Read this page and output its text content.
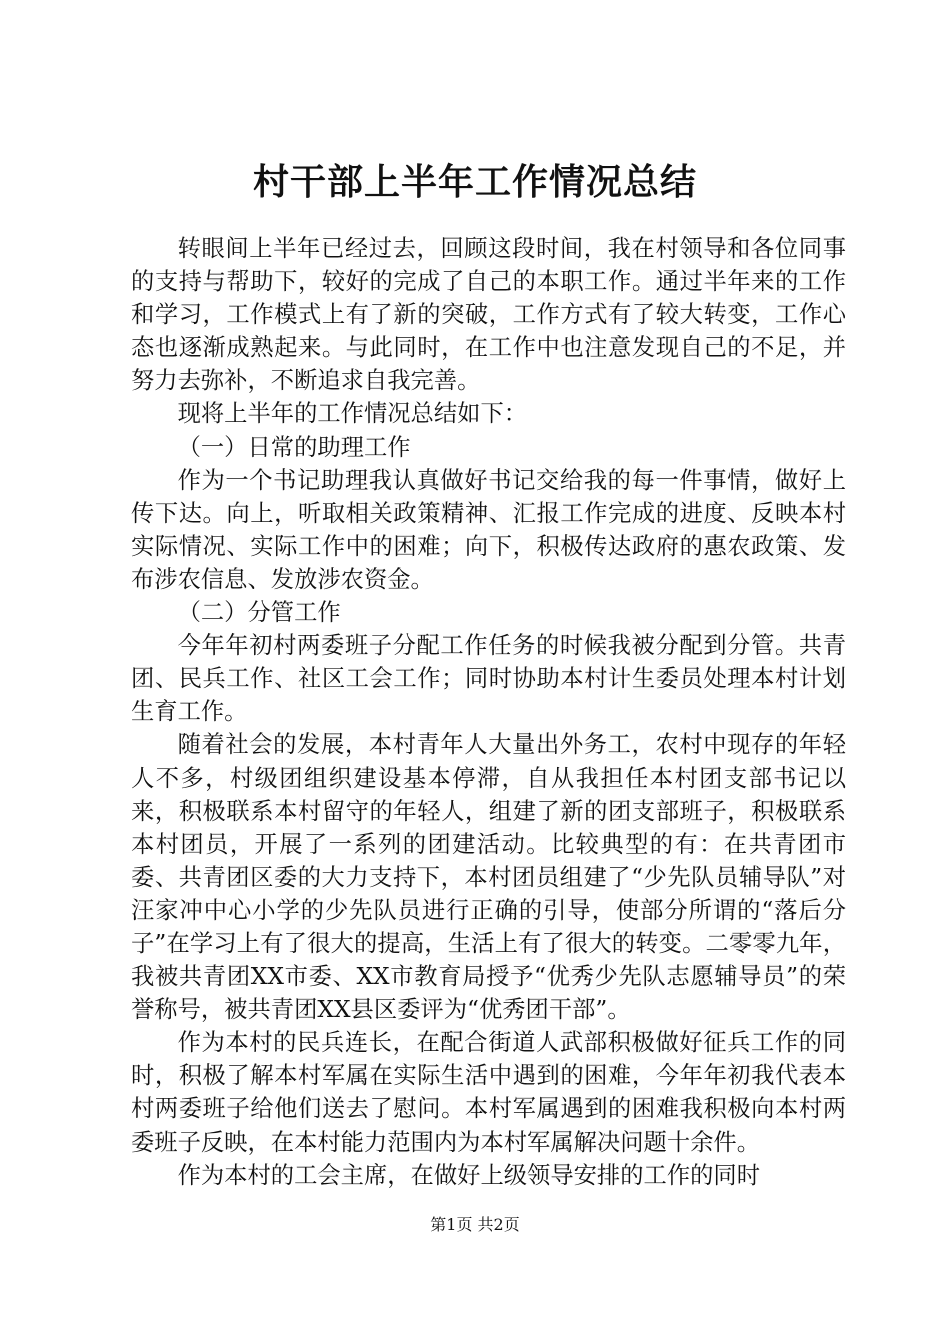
村干部上半年工作情况总结

转眼间上半年已经过去，回顾这段时间，我在村领导和各位同事的支持与帮助下，较好的完成了自己的本职工作。通过半年来的工作和学习，工作模式上有了新的突破，工作方式有了较大转变，工作心态也逐渐成熟起来。与此同时，在工作中也注意发现自己的不足，并努力去弥补，不断追求自我完善。

现将上半年的工作情况总结如下：

（一）日常的助理工作

作为一个书记助理我认真做好书记交给我的每一件事情，做好上传下达。向上，听取相关政策精神、汇报工作完成的进度、反映本村实际情况、实际工作中的困难；向下，积极传达政府的惠农政策、发布涉农信息、发放涉农资金。

（二）分管工作

今年年初村两委班子分配工作任务的时候我被分配到分管。共青团、民兵工作、社区工会工作；同时协助本村计生委员处理本村计划生育工作。

随着社会的发展，本村青年人大量出外务工，农村中现存的年轻人不多，村级团组织建设基本停滞，自从我担任本村团支部书记以来，积极联系本村留守的年轻人，组建了新的团支部班子，积极联系本村团员，开展了一系列的团建活动。比较典型的有：在共青团市委、共青团区委的大力支持下，本村团员组建了“少先队员辅导队”对汪家冲中心小学的少先队员进行正确的引导，使部分所谓的“落后分子”在学习上有了很大的提高，生活上有了很大的转变。二零零九年，我被共青团XX市委、XX市教育局授予“优秀少先队志愿辅导员”的荣誉称号，被共青团XX县区委评为“优秀团干部”。

作为本村的民兵连长，在配合街道人武部积极做好征兵工作的同时，积极了解本村军属在实际生活中遇到的困难，今年年初我代表本村两委班子给他们送去了慰问。本村军属遇到的困难我积极向本村两委班子反映，在本村能力范围内为本村军属解决问题十余件。

作为本村的工会主席，在做好上级领导安排的工作的同时

第1页 共2页
